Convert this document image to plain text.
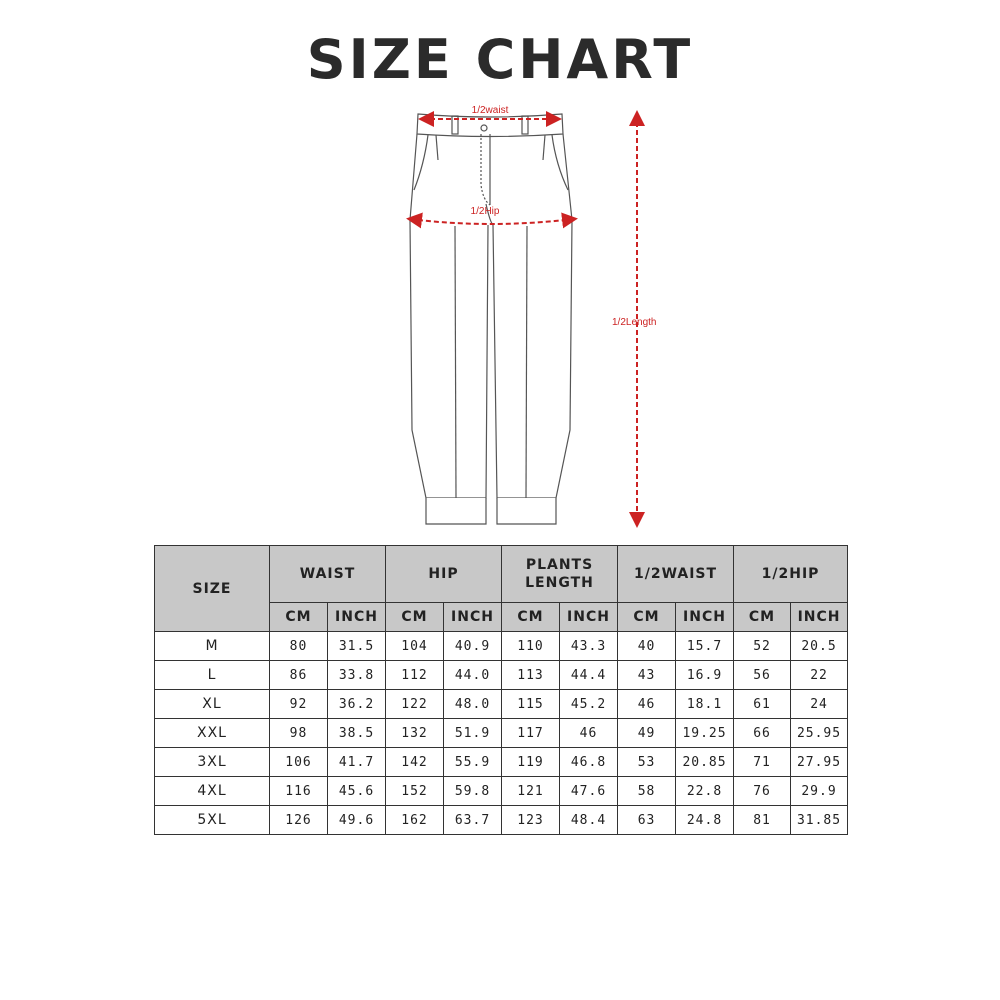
SIZE CHART
1/2waist
1/2Hip
1/2Length
SIZE	WAIST		HIP		PLANTS LENGTH		1/2WAIST		1/2HIP	
	CM	INCH	CM	INCH	CM	INCH	CM	INCH	CM	INCH
M	80	31.5	104	40.9	110	43.3	40	15.7	52	20.5
L	86	33.8	112	44.0	113	44.4	43	16.9	56	22
XL	92	36.2	122	48.0	115	45.2	46	18.1	61	24
XXL	98	38.5	132	51.9	117	46	49	19.25	66	25.95
3XL	106	41.7	142	55.9	119	46.8	53	20.85	71	27.95
4XL	116	45.6	152	59.8	121	47.6	58	22.8	76	29.9
5XL	126	49.6	162	63.7	123	48.4	63	24.8	81	31.85
